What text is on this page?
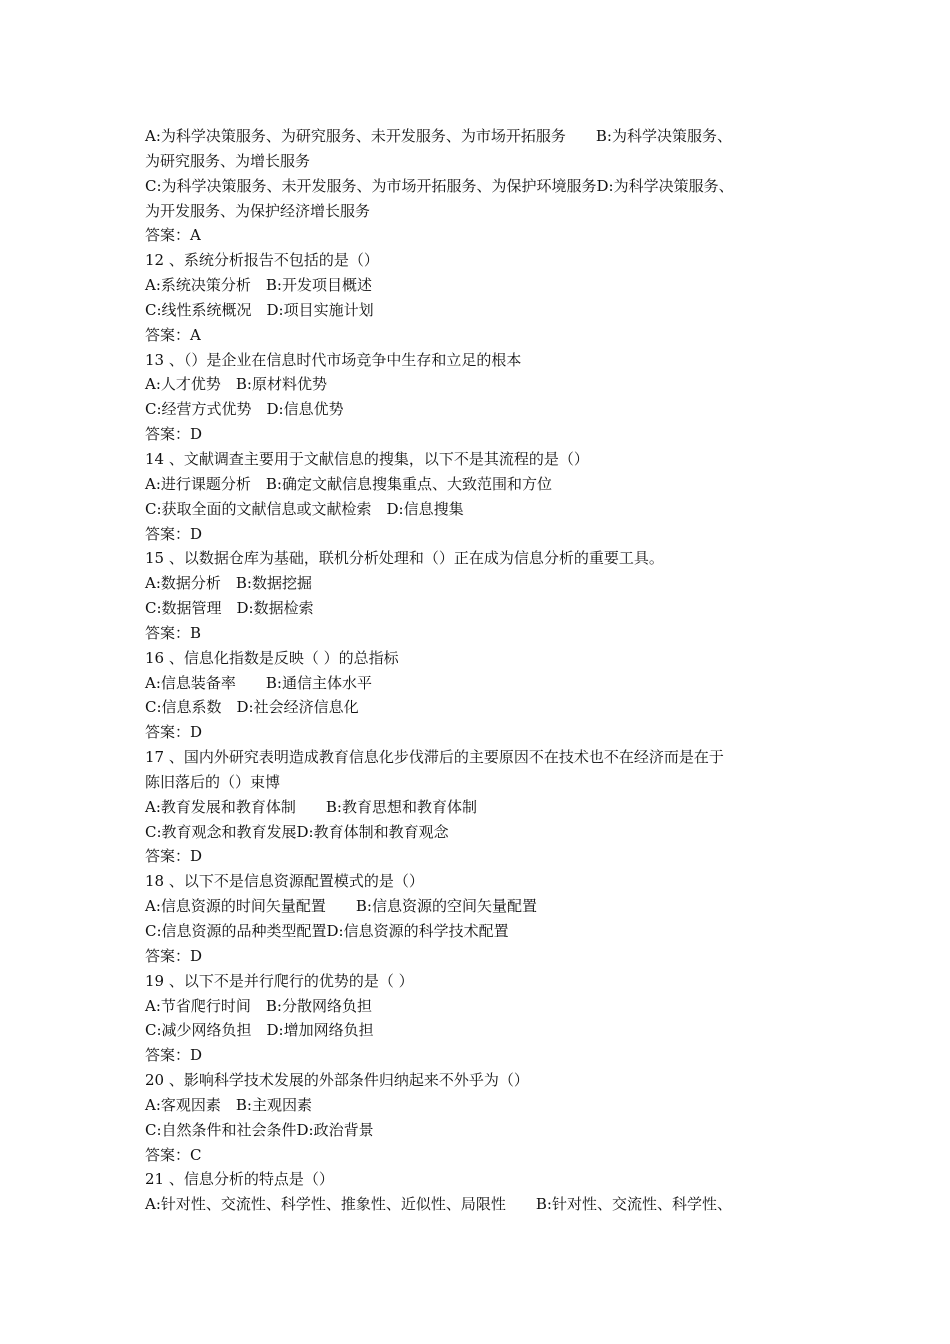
A:为科学决策服务、为研究服务、未开发服务、为市场开拓服务　　B:为科学决策服务、
为研究服务、为增长服务
C:为科学决策服务、未开发服务、为市场开拓服务、为保护环境服务D:为科学决策服务、
为开发服务、为保护经济增长服务
答案：A
12 、系统分析报告不包括的是（）
A:系统决策分析　B:开发项目概述
C:线性系统概况　D:项目实施计划
答案：A
13 、（）是企业在信息时代市场竞争中生存和立足的根本
A:人才优势　B:原材料优势
C:经营方式优势　D:信息优势
答案：D
14 、文献调查主要用于文献信息的搜集，以下不是其流程的是（）
A:进行课题分析　B:确定文献信息搜集重点、大致范围和方位
C:获取全面的文献信息或文献检索　D:信息搜集
答案：D
15 、以数据仓库为基础，联机分析处理和（）正在成为信息分析的重要工具。
A:数据分析　B:数据挖掘
C:数据管理　D:数据检索
答案：B
16 、信息化指数是反映（ ）的总指标
A:信息装备率　　B:通信主体水平
C:信息系数　D:社会经济信息化
答案：D
17 、国内外研究表明造成教育信息化步伐滞后的主要原因不在技术也不在经济而是在于
陈旧落后的（）束博
A:教育发展和教育体制　　B:教育思想和教育体制
C:教育观念和教育发展D:教育体制和教育观念
答案：D
18 、以下不是信息资源配置模式的是（）
A:信息资源的时间矢量配置　　B:信息资源的空间矢量配置
C:信息资源的品种类型配置D:信息资源的科学技术配置
答案：D
19 、以下不是并行爬行的优势的是（ ）
A:节省爬行时间　B:分散网络负担
C:减少网络负担　D:增加网络负担
答案：D
20 、影响科学技术发展的外部条件归纳起来不外乎为（）
A:客观因素　B:主观因素
C:自然条件和社会条件D:政治背景
答案：C
21 、信息分析的特点是（）
A:针对性、交流性、科学性、推象性、近似性、局限性　　B:针对性、交流性、科学性、
